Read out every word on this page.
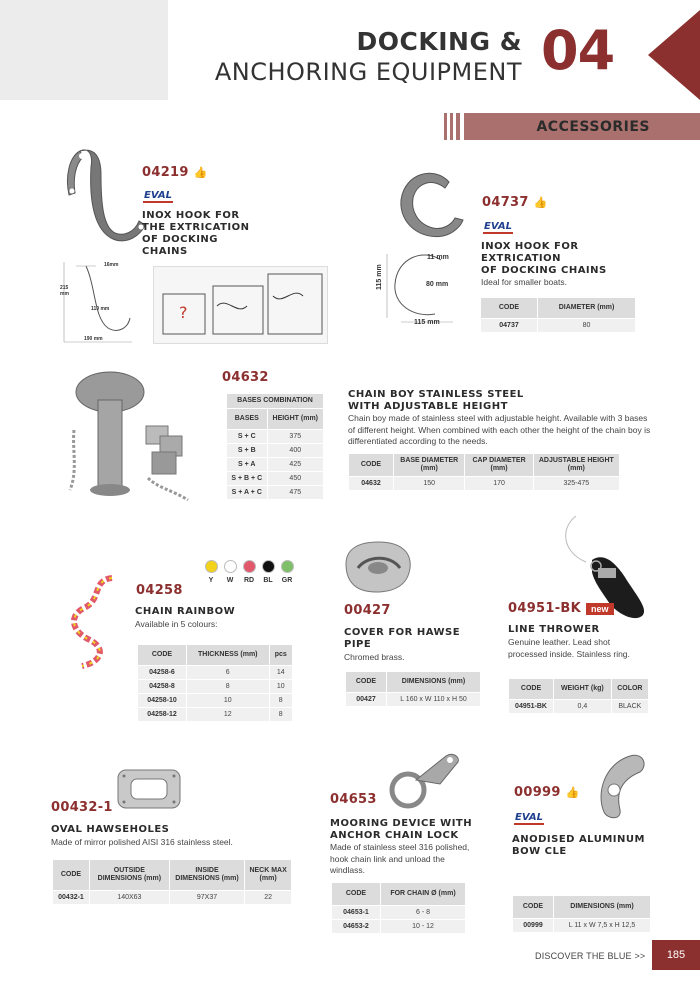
DOCKING &
ANCHORING EQUIPMENT 04
ACCESSORIES
04219 👍
EVAL
INOX HOOK FOR
THE EXTRICATION
OF DOCKING
CHAINS
16mm
215 mm
110 mm
190 mm
?
04737 👍
EVAL
INOX HOOK FOR
EXTRICATION
OF DOCKING CHAINS
Ideal for smaller boats.
11 mm
80 mm
115 mm
115 mm
CODE	DIAMETER (mm)
04737	80
04632
BASES COMBINATION	
BASES	HEIGHT (mm)
S + C	375
S + B	400
S + A	425
S + B + C	450
S + A + C	475
CHAIN BOY STAINLESS STEEL
WITH ADJUSTABLE HEIGHT
Chain boy made of stainless steel with adjustable height. Available with 3 bases of different height. When combined with each other the height of the chain boy is differentiated according to the needs.
CODE	BASE DIAMETER (mm)	CAP DIAMETER (mm)	ADJUSTABLE HEIGHT (mm)
04632	150	170	325-475
Y W RD BL GR
04258
CHAIN RAINBOW
Available in 5 colours:
CODE	THICKNESS (mm)	pcs
04258-6	6	14
04258-8	8	10
04258-10	10	8
04258-12	12	8
00427
COVER FOR HAWSE
PIPE
Chromed brass.
CODE	DIMENSIONS (mm)
00427	L 160 x W 110 x H 50
04951-BK	new
LINE THROWER
Genuine leather. Lead shot processed inside. Stainless ring.
CODE	WEIGHT (kg)	COLOR
04951-BK	0,4	BLACK
00432-1
OVAL HAWSEHOLES
Made of mirror polished AISI 316 stainless steel.
CODE	OUTSIDE DIMENSIONS (mm)	INSIDE DIMENSIONS (mm)	NECK MAX (mm)
00432-1	140X63	97X37	22
04653
MOORING DEVICE WITH
ANCHOR CHAIN LOCK
Made of stainless steel 316 polished, hook chain link and unload the windlass.
CODE	FOR CHAIN Ø (mm)
04653-1	6 - 8
04653-2	10 - 12
00999 👍
EVAL
ANODISED ALUMINUM
BOW CLE
CODE	DIMENSIONS (mm)
00999	L 11 x W 7,5 x H 12,5
DISCOVER THE BLUE >>	185
